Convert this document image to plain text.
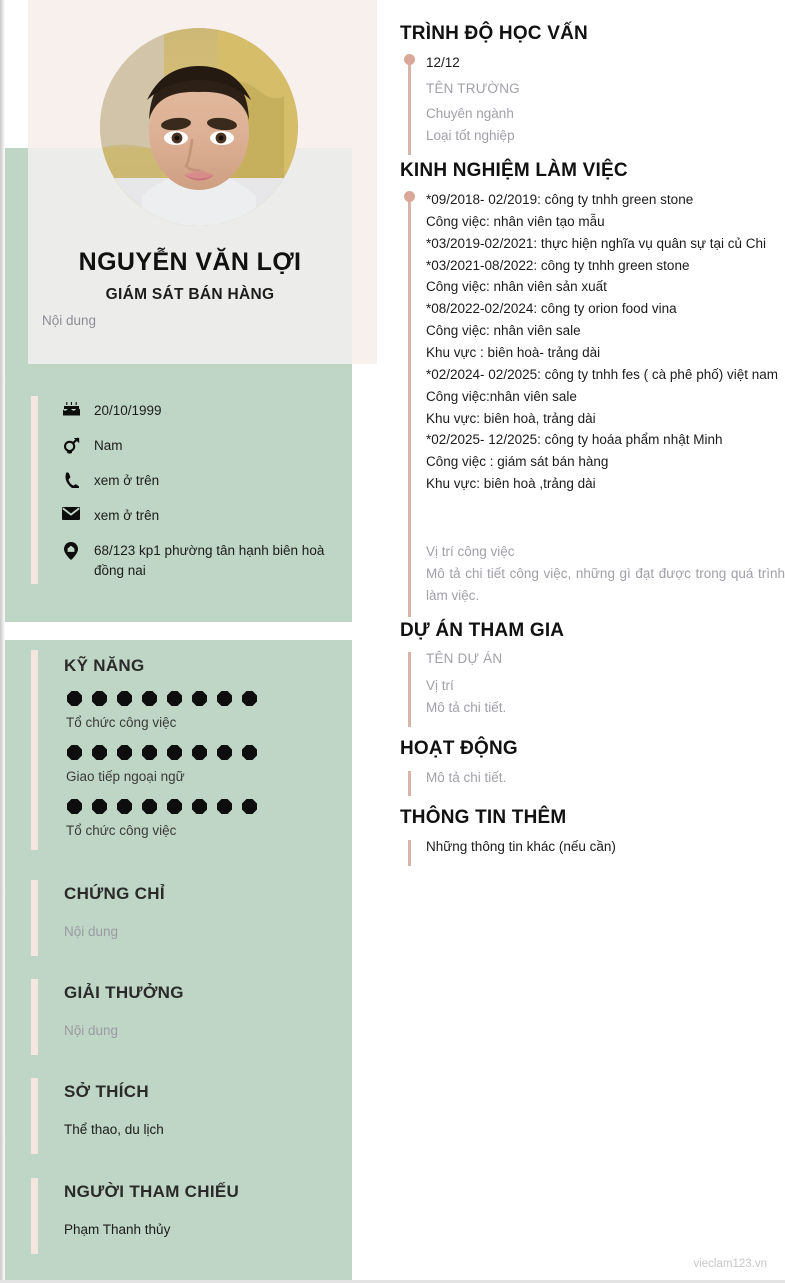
NGUYỄN VĂN LỢI
GIÁM SÁT BÁN HÀNG
Nội dung
20/10/1999
Nam
xem ở trên
xem ở trên
68/123 kp1 phường tân hạnh biên hoà đồng nai
KỸ NĂNG
Tổ chức công việc
Giao tiếp ngoại ngữ
Tổ chức công việc
CHỨNG CHỈ
Nội dung
GIẢI THƯỞNG
Nội dung
SỞ THÍCH
Thể thao, du lịch
NGƯỜI THAM CHIẾU
Phạm Thanh thủy
TRÌNH ĐỘ HỌC VẤN
12/12
TÊN TRƯỜNG
Chuyên ngành
Loại tốt nghiệp
KINH NGHIỆM LÀM VIỆC
*09/2018- 02/2019: công ty tnhh green stone
Công việc: nhân viên tạo mẫu
*03/2019-02/2021: thực hiện nghĩa vụ quân sự tại củ Chi
*03/2021-08/2022: công ty tnhh green stone
Công việc: nhân viên sản xuất
*08/2022-02/2024: công ty orion food vina
Công việc: nhân viên sale
Khu vực : biên hoà- trảng dài
*02/2024- 02/2025: công ty tnhh fes ( cà phê phố) việt nam
Công việc:nhân viên sale
Khu vực: biên hoà, trảng dài
*02/2025- 12/2025: công ty hoáa phẩm nhật Minh
Công việc : giám sát bán hàng
Khu vực: biên hoà ,trảng dài
Vị trí công việc
Mô tả chi tiết công việc, những gì đạt được trong quá trình làm việc.
DỰ ÁN THAM GIA
TÊN DỰ ÁN
Vị trí
Mô tả chi tiết.
HOẠT ĐỘNG
Mô tả chi tiết.
THÔNG TIN THÊM
Những thông tin khác (nếu cần)
vieclam123.vn
